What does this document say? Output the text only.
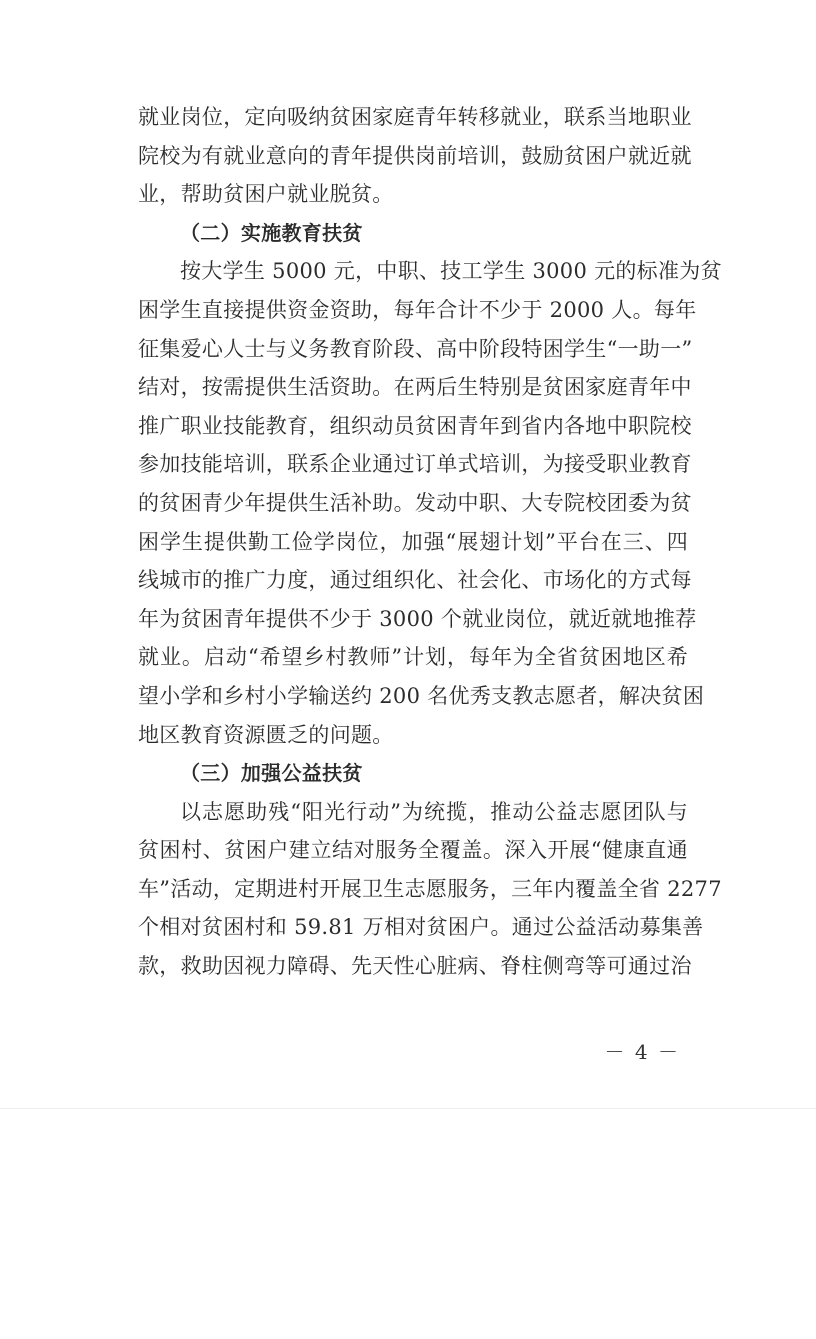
就业岗位，定向吸纳贫困家庭青年转移就业，联系当地职业
院校为有就业意向的青年提供岗前培训，鼓励贫困户就近就
业，帮助贫困户就业脱贫。
（二）实施教育扶贫
按大学生 5000 元，中职、技工学生 3000 元的标准为贫
困学生直接提供资金资助，每年合计不少于 2000 人。每年
征集爱心人士与义务教育阶段、高中阶段特困学生“一助一”
结对，按需提供生活资助。在两后生特别是贫困家庭青年中
推广职业技能教育，组织动员贫困青年到省内各地中职院校
参加技能培训，联系企业通过订单式培训，为接受职业教育
的贫困青少年提供生活补助。发动中职、大专院校团委为贫
困学生提供勤工俭学岗位，加强“展翅计划”平台在三、四
线城市的推广力度，通过组织化、社会化、市场化的方式每
年为贫困青年提供不少于 3000 个就业岗位，就近就地推荐
就业。启动“希望乡村教师”计划，每年为全省贫困地区希
望小学和乡村小学输送约 200 名优秀支教志愿者，解决贫困
地区教育资源匮乏的问题。
（三）加强公益扶贫
以志愿助残“阳光行动”为统揽，推动公益志愿团队与
贫困村、贫困户建立结对服务全覆盖。深入开展“健康直通
车”活动，定期进村开展卫生志愿服务，三年内覆盖全省 2277
个相对贫困村和 59.81 万相对贫困户。通过公益活动募集善
款，救助因视力障碍、先天性心脏病、脊柱侧弯等可通过治
－ 4 －
